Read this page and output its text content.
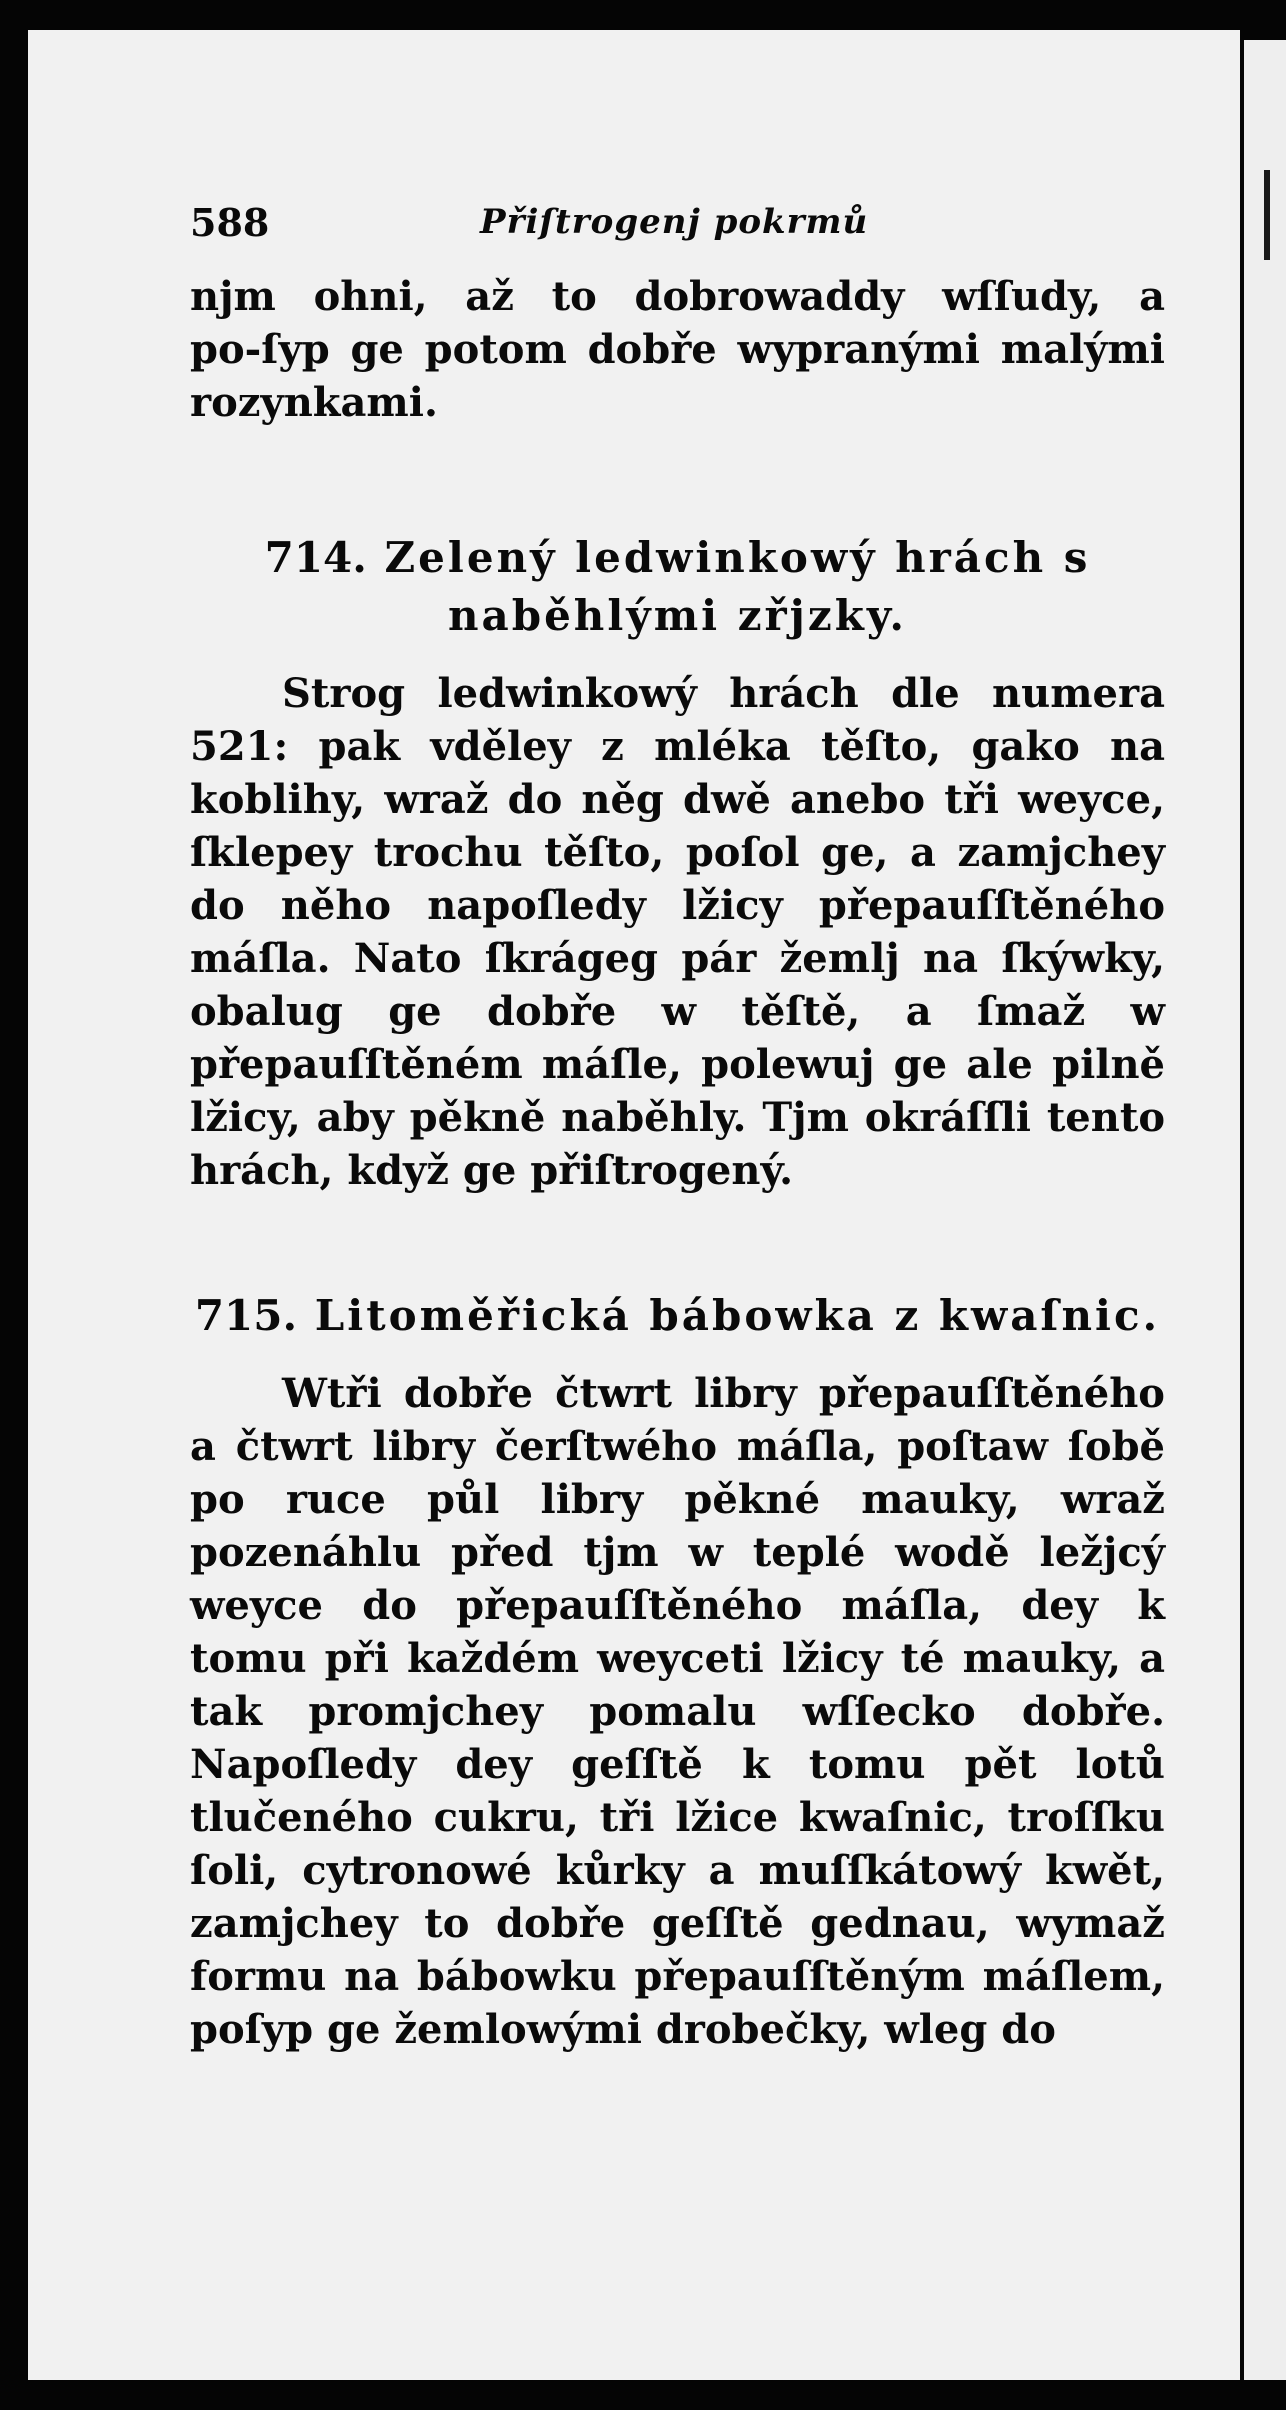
588	Přiſtrogenj pokrmů

njm ohni, až to dobrowaddy wſſudy, a po‑ſyp ge potom dobře wypranými malými rozynkami.

714. Zelený ledwinkowý hrách s naběhlými zřjzky.

Strog ledwinkowý hrách dle numera 521: pak vděley z mléka těſto, gako na koblihy, wraž do něg dwě anebo tři weyce, ſklepey trochu těſto, poſol ge, a zamjchey do něho napoſledy lžicy přepauſſtěného máſla. Nato ſkrágeg pár žemlj na ſkýwky, obalug ge dobře w těſtě, a ſmaž w přepauſſtěném máſle, polewuj ge ale pilně lžicy, aby pěkně naběhly. Tjm okráſſli tento hrách, když ge přiſtrogený.

715. Litoměřická bábowka z kwaſnic.

Wtři dobře čtwrt libry přepauſſtěného a čtwrt libry čerſtwého máſla, poſtaw ſobě po ruce půl libry pěkné mauky, wraž pozenáhlu před tjm w teplé wodě ležjcý weyce do přepauſſtěného máſla, dey k tomu při každém weyceti lžicy té mauky, a tak promjchey pomalu wſſecko dobře. Napoſledy dey geſſtě k tomu pět lotů tlučeného cukru, tři lžice kwaſnic, troſſku ſoli, cytronowé kůrky a muſſkátowý kwět, zamjchey to dobře geſſtě gednau, wymaž formu na bábowku přepauſſtěným máſlem, poſyp ge žemlowými drobečky, wleg do
